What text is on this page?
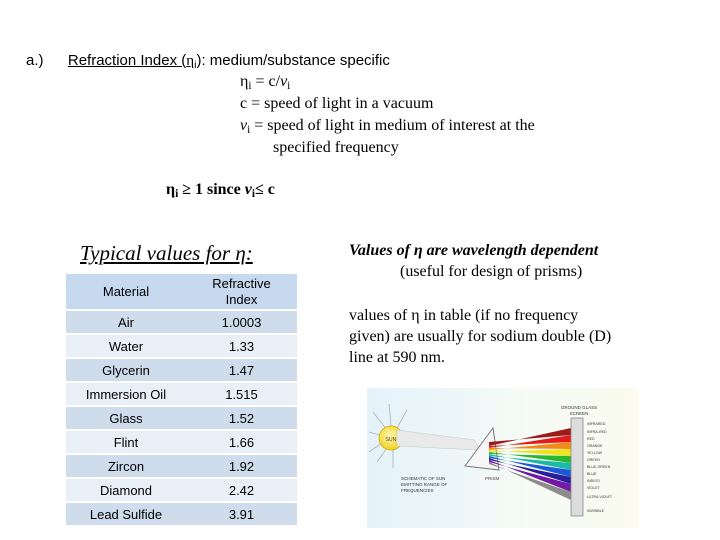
a.) Refraction Index $(\eta_i)$: medium/substance specific
$\eta_i = c/v_i$
c = speed of light in a vacuum
$v_i$ = speed of light in medium of interest at the
specified frequency
$\eta_i \ge 1$ since $v_i\le c$
Typical values for η:
Material	Refractive
Index
Air	1.0003
Water	1.33
Glycerin	1.47
Immersion Oil	1.515
Glass	1.52
Flint	1.66
Zircon	1.92
Diamond	2.42
Lead Sulfide	3.91
Values of η are wavelength dependent
(useful for design of prisms)
values of η in table (if no frequency
given) are usually for sodium double (D)
line at 590 nm.
SUN
PRISM
GROUND GLASS
SCREEN
INFRARED
INFRA-RED
RED
ORANGE
YELLOW
GREEN
BLUE-GREEN
BLUE
INDIGO
VIOLET
ULTRA VIOLET
INVISIBLE
SCHEMATIC OF SUN
EMITTING RANGE OF
FREQUENCIES
